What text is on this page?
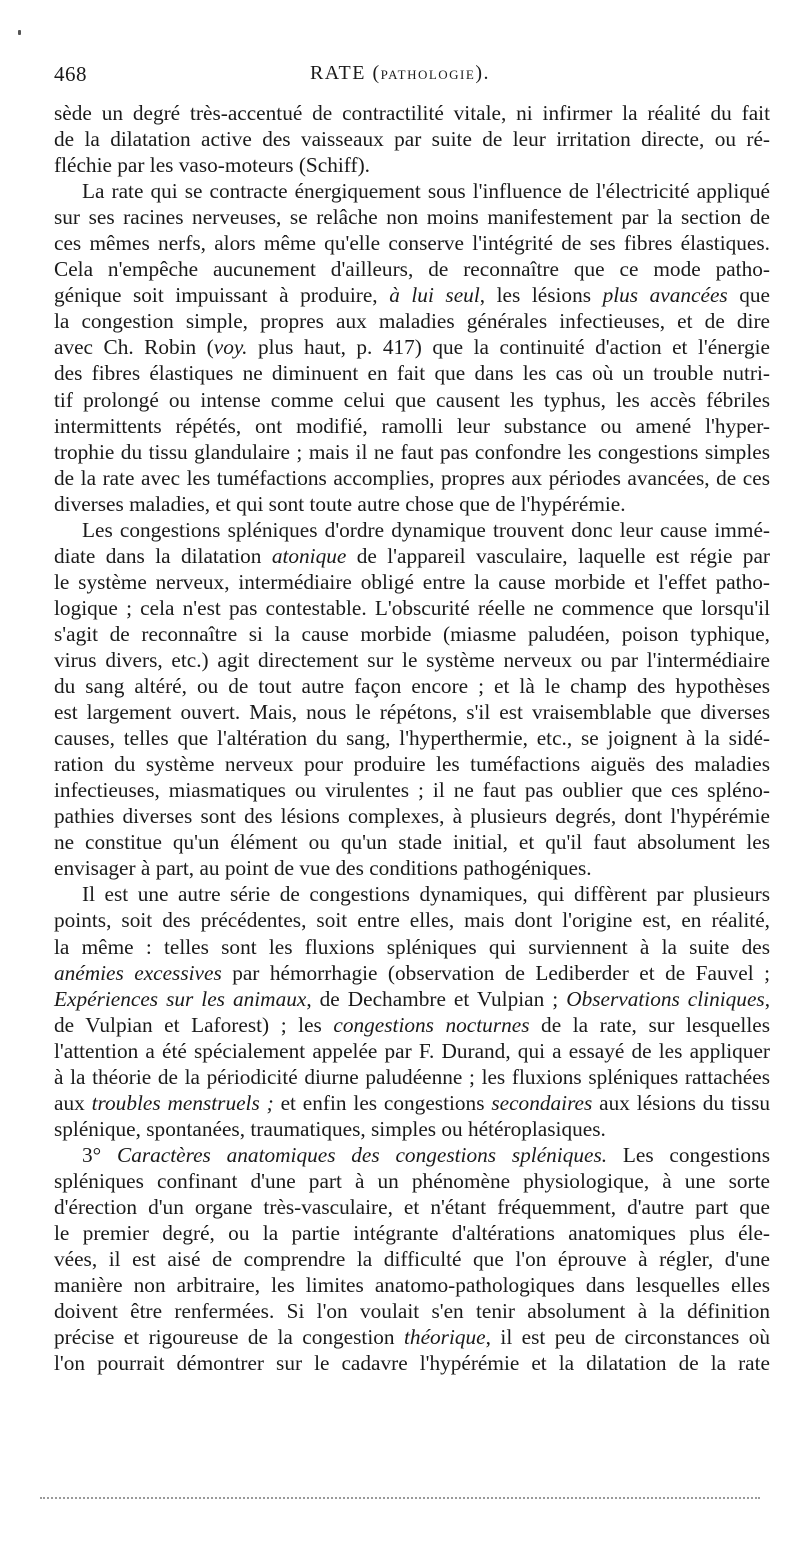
468	RATE (PATHOLOGIE).

sède un degré très-accentué de contractilité vitale, ni infirmer la réalité du fait
de la dilatation active des vaisseaux par suite de leur irritation directe, ou ré-
fléchie par les vaso-moteurs (Schiff).

La rate qui se contracte énergiquement sous l'influence de l'électricité appliqué
sur ses racines nerveuses, se relâche non moins manifestement par la section de
ces mêmes nerfs, alors même qu'elle conserve l'intégrité de ses fibres élastiques.
Cela n'empêche aucunement d'ailleurs, de reconnaître que ce mode patho-
génique soit impuissant à produire, à lui seul, les lésions plus avancées que
la congestion simple, propres aux maladies générales infectieuses, et de dire
avec Ch. Robin (voy. plus haut, p. 417) que la continuité d'action et l'énergie
des fibres élastiques ne diminuent en fait que dans les cas où un trouble nutri-
tif prolongé ou intense comme celui que causent les typhus, les accès fébriles
intermittents répétés, ont modifié, ramolli leur substance ou amené l'hyper-
trophie du tissu glandulaire ; mais il ne faut pas confondre les congestions simples
de la rate avec les tuméfactions accomplies, propres aux périodes avancées, de ces
diverses maladies, et qui sont toute autre chose que de l'hypérémie.

Les congestions spléniques d'ordre dynamique trouvent donc leur cause immé-
diate dans la dilatation atonique de l'appareil vasculaire, laquelle est régie par
le système nerveux, intermédiaire obligé entre la cause morbide et l'effet patho-
logique ; cela n'est pas contestable. L'obscurité réelle ne commence que lorsqu'il
s'agit de reconnaître si la cause morbide (miasme paludéen, poison typhique,
virus divers, etc.) agit directement sur le système nerveux ou par l'intermédiaire
du sang altéré, ou de tout autre façon encore ; et là le champ des hypothèses
est largement ouvert. Mais, nous le répétons, s'il est vraisemblable que diverses
causes, telles que l'altération du sang, l'hyperthermie, etc., se joignent à la sidé-
ration du système nerveux pour produire les tuméfactions aiguës des maladies
infectieuses, miasmatiques ou virulentes ; il ne faut pas oublier que ces spléno-
pathies diverses sont des lésions complexes, à plusieurs degrés, dont l'hypérémie
ne constitue qu'un élément ou qu'un stade initial, et qu'il faut absolument les
envisager à part, au point de vue des conditions pathogéniques.

Il est une autre série de congestions dynamiques, qui diffèrent par plusieurs
points, soit des précédentes, soit entre elles, mais dont l'origine est, en réalité,
la même : telles sont les fluxions spléniques qui surviennent à la suite des
anémies excessives par hémorrhagie (observation de Lediberder et de Fauvel ;
Expériences sur les animaux, de Dechambre et Vulpian ; Observations cliniques,
de Vulpian et Laforest) ; les congestions nocturnes de la rate, sur lesquelles
l'attention a été spécialement appelée par F. Durand, qui a essayé de les appliquer
à la théorie de la périodicité diurne paludéenne ; les fluxions spléniques rattachées
aux troubles menstruels ; et enfin les congestions secondaires aux lésions du tissu
splénique, spontanées, traumatiques, simples ou hétéroplasiques.

3° Caractères anatomiques des congestions spléniques. Les congestions
spléniques confinant d'une part à un phénomène physiologique, à une sorte
d'érection d'un organe très-vasculaire, et n'étant fréquemment, d'autre part que
le premier degré, ou la partie intégrante d'altérations anatomiques plus éle-
vées, il est aisé de comprendre la difficulté que l'on éprouve à régler, d'une
manière non arbitraire, les limites anatomo-pathologiques dans lesquelles elles
doivent être renfermées. Si l'on voulait s'en tenir absolument à la définition
précise et rigoureuse de la congestion théorique, il est peu de circonstances où
l'on pourrait démontrer sur le cadavre l'hypérémie et la dilatation de la rate
